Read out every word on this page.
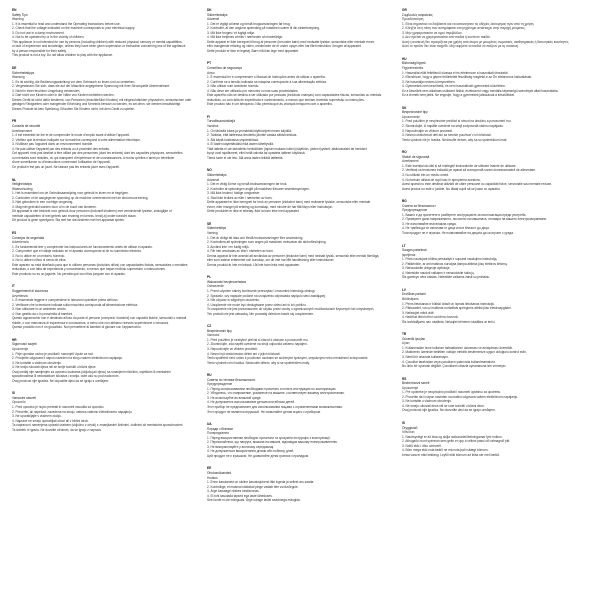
EN
Safety Tips

Warning

1. It is essential to read and understand the Operating Instructions before use.

2. Check that the voltage indicated on the machine corresponds to your electrical supply.

3. Do not use in a damp environment.

4. Not to be operated by or in the vicinity of children.

This appliance is not intended for use by persons (including children) with reduced physical, sensory or mental capabilities,

or lack of experience and knowledge, unless they have been given supervision or instruction concerning use of the appliance

by a person responsible for their safety.

This product is not a toy. Do not allow children to play with the appliance.

DE
Sicherheitstipps

Warnung

1. Es ist wichtig, die Bedienungsanleitung vor dem Gebrauch zu lesen und zu verstehen.

2. Vergewissern Sie sich, dass die auf der Maschine angegebene Spannung mit Ihrer Stromquelle übereinstimmt.

3. Nicht in einer feuchten Umgebung verwenden.

4. Darf nicht von Kindern oder in der Nähe von Kindern betrieben werden.

Dieses Gerät ist nicht dafür bestimmt, von Personen (einschließlich Kindern) mit eingeschränkten physischen, sensorischen oder

geistigen Fähigkeiten oder mangelnder Erfahrung und Kenntnis benutzt zu werden, es sei denn, sie werden beaufsichtigt.

Dieses Produkt ist kein Spielzeug. Erlauben Sie Kindern nicht, mit dem Gerät zu spielen.

FR
Conseils de sécurité

Avertissement

1. Il est essentiel de lire et de comprendre le mode d'emploi avant d'utiliser l'appareil.

2. Vérifiez que la tension indiquée sur la machine correspond à votre alimentation électrique.

3. N'utilisez pas l'appareil dans un environnement humide.

4. Ne pas utiliser l'appareil par des enfants ou à proximité des enfants.

Cet appareil n'est pas destiné à être utilisé par des personnes (dont les enfants) dont les capacités physiques, sensorielles

ou mentales sont réduites, ou qui manquent d'expérience et de connaissances, à moins qu'elles n'aient pu bénéficier

d'une surveillance ou d'instructions concernant l'utilisation de l'appareil.

Ce produit n'est pas un jouet. Ne laissez pas les enfants jouer avec l'appareil.

NL
Veiligheidstips

Waarschuwing

1. Het is essentieel om de Gebruiksaanwijzing voor gebruik te lezen en te begrijpen.

2. Controleer of de aangegeven spanning op de machine overeenkomt met de stroomvoorziening.

3. Niet gebruiken in een vochtige omgeving.

4. Mag niet gebruikt worden door of in de buurt van kinderen.

Dit apparaat is niet bedoeld voor gebruik door personen (inclusief kinderen) met verminderde fysieke, zintuiglijke of

mentale capaciteiten of met gebrek aan ervaring en kennis, tenzij zij onder toezicht staan.

Dit product is geen speelgoed. Sta niet toe dat kinderen met het apparaat spelen.

ES
Consejos de seguridad

Advertencia

1. Es fundamental leer y comprender las instrucciones de funcionamiento antes de utilizar el aparato.

2. Compruebe que el voltaje indicado en el aparato corresponde al de su suministro eléctrico.

3. No lo utilice en un entorno húmedo.

4. No lo utilicen niños ni cerca de ellos.

Este aparato no está diseñado para que lo utilicen personas (incluidos niños) con capacidades físicas, sensoriales o mentales

reducidas, o con falta de experiencia y conocimiento, a menos que hayan recibido supervisión o instrucciones.

Este producto no es un juguete. No permita que los niños jueguen con el aparato.

IT
Suggerimenti di sicurezza

Avvertenza

1. È essenziale leggere e comprendere le Istruzioni operative prima dell'uso.

2. Verificare che la tensione indicata sulla macchina corrisponda all'alimentazione elettrica.

3. Non utilizzare in un ambiente umido.

4. Non gestito da o in prossimità di bambini.

Questo apparecchio non è destinato all'uso da parte di persone (compresi i bambini) con capacità fisiche, sensoriali o mentali

ridotte, o con mancanza di esperienza e conoscenza, a meno che non abbiano ricevuto supervisione o istruzioni.

Questo prodotto non è un giocattolo. Non permettere ai bambini di giocare con l'apparecchio.

HR
Sigurnosni savjeti

Upozorenje

1. Prije uporabe važno je pročitati i razumjeti Upute za rad.

2. Provjerite odgovara li napon naveden na stroju vašem električnom napajanju.

3. Ne koristite u vlažnom okruženju.

4. Ne smiju rukovati djeca niti se smije koristiti u blizini djece.

Ovaj uređaj nije namijenjen za uporabu osobama (uključujući djecu) sa smanjenim fizičkim, osjetilnim ili mentalnim

sposobnostima ili nedostatkom iskustva i znanja, osim ako su pod nadzorom.

Ovaj proizvod nije igračka. Ne dopustite djeci da se igraju s uređajem.

SI
Varnostni nasveti

Opozorilo

1. Pred uporabo je nujno prebrati in razumeti navodila za uporabo.

2. Preverite, ali napetost, navedena na stroju, ustreza vašemu električnemu napajanju.

3. Ne uporabljajte v vlažnem okolju.

4. Naprave ne smejo uporabljati otroci ali v bližini otrok.

Ta naprava ni namenjena uporabi osebam (vključno z otroki) z zmanjšanimi fizičnimi, čutilnimi ali mentalnimi sposobnostmi.

Ta izdelek ni igrača. Ne dovolite otrokom, da se igrajo z napravo.

DK
Sikkerhedstips

Advarsel

1. Det er vigtigt at læse og forstå brugsanvisningen før brug.

2. Kontrollér, at den angivne spænding på maskinen svarer til din strømforsyning.

3. Må ikke bruges i et fugtigt miljø.

4. Må ikke betjenes af eller i nærheden af mindreårige.

Dette apparat er ikke beregnet til brug af personer (herunder børn) med nedsatte fysiske, sensoriske eller mentale evner,

eller manglende erfaring og viden, medmindre de er under opsyn eller har fået instruktion i brugen af apparatet.

Dette produkt er ikke et legetøj. Børn må ikke lege med apparatet.

PT
Conselhos de segurança

Aviso

1. É essencial ler e compreender o Manual de Instruções antes de utilizar o aparelho.

2. Confirme se a tensão indicada na máquina corresponde à sua alimentação elétrica.

3. Não utilizar num ambiente húmido.

4. Não deve ser utilizado por menores ou nas suas proximidades.

Este aparelho não se destina a ser utilizado por pessoas (incluindo crianças) com capacidades físicas, sensoriais ou mentais

reduzidas, ou com falta de experiência e conhecimento, a menos que tenham recebido supervisão ou instruções.

Este produto não é um brinquedo. Não permita que as crianças brinquem com o aparelho.

FI
Turvallisuusvinkkejä

Varoitus

1. On tärkeää lukea ja ymmärtää käyttöohjeet ennen käyttöä.

2. Tarkista, että laitteessa ilmoitettu jännite vastaa sähköverkkoa.

3. Älä käytä kosteassa ympäristössä.

4. Ei lasten käytettäväksi eikä lasten lähettyvillä.

Tätä laitetta ei ole tarkoitettu henkilöiden (lapset mukaan lukien) käyttöön, joiden fyysiset, aistinvaraiset tai henkiset

kyvyt ovat rajoittuneet, ellei heitä valvota tai opasteta laitteen käytössä.

Tämä tuote ei ole lelu. Älä anna lasten leikkiä laitteella.

NO
Sikkerhetstips

Advarsel

1. Det er viktig å lese og forstå bruksanvisningen før bruk.

2. Kontroller at spenningen angitt på maskinen tilsvarer strømforsyningen.

3. Må ikke brukes i fuktige omgivelser.

4. Skal ikke brukes av eller i nærheten av barn.

Dette apparatet er ikke beregnet for bruk av personer (inkludert barn) med reduserte fysiske, sensoriske eller mentale

evner, eller mangel på erfaring og kunnskap, med mindre de har fått tilsyn eller instruksjon.

Dette produktet er ikke et leketøy. Ikke la barn leke med apparatet.

SE
Säkerhetstips

Varning

1. Det är viktigt att läsa och förstå bruksanvisningen före användning.

2. Kontrollera att spänningen som anges på maskinen motsvarar din strömförsörjning.

3. Använd inte i en fuktig miljö.

4. Får inte användas av eller i närheten av barn.

Denna apparat är inte avsedd att användas av personer (inklusive barn) med nedsatt fysisk, sensorisk eller mental förmåga,

eller som saknar erfarenhet och kunskap, om de inte har fått handledning eller instruktioner.

Denna produkt är inte en leksak. Låt inte barn leka med apparaten.

PL
Wskazówki bezpieczeństwa

Ostrzeżenie

1. Przed użyciem należy koniecznie przeczytać i zrozumieć instrukcję obsługi.

2. Sprawdź, czy napięcie podane na urządzeniu odpowiada napięciu sieci zasilającej.

3. Nie używać w wilgotnym otoczeniu.

4. Urządzenie nie może być obsługiwane przez dzieci ani w ich pobliżu.

To urządzenie nie jest przeznaczone do użytku przez osoby o ograniczonych możliwościach fizycznych lub umysłowych.

Ten produkt nie jest zabawką. Nie pozwalaj dzieciom bawić się urządzeniem.

CZ
Bezpečnostní tipy

Varování

1. Před použitím je nezbytné přečíst si návod k obsluze a porozumět mu.

2. Zkontrolujte, zda napětí uvedené na stroji odpovídá vašemu napájení.

3. Nepoužívejte ve vlhkém prostředí.

4. Nesmí být obsluhováno dětmi ani v jejich blízkosti.

Tento spotřebič není určen k používání osobami se sníženými fyzickými, smyslovými nebo mentálními schopnostmi.

Tento výrobek není hračka. Nedovolte dětem, aby si se spotřebičem hrály.

RU
Советы по технике безопасности

Предупреждение

1. Перед использованием необходимо прочитать и понять инструкцию по эксплуатации.

2. Убедитесь, что напряжение, указанное на машине, соответствует вашему электропитанию.

3. Не используйте во влажной среде.

4. Не допускается использование детьми или вблизи детей.

Этот прибор не предназначен для использования лицами с ограниченными возможностями.

Этот продукт не является игрушкой. Не позволяйте детям играть с прибором.

UA
Поради з безпеки

Попередження

1. Перед використанням необхідно прочитати та зрозуміти інструкцію з експлуатації.

2. Переконайтеся, що напруга, вказана на машині, відповідає вашому електроживленню.

3. Не використовуйте у вологому середовищі.

4. Не допускається використання дітьми або поблизу дітей.

Цей продукт не є іграшкою. Не дозволяйте дітям гратися з приладом.

EE
Ohutusnõuanded

Hoiatus

1. Enne kasutamist on oluline kasutusjuhend läbi lugeda ja sellest aru saada.

2. Kontrollige, et masinal näidatud pinge vastab teie vooluvõrgule.

3. Ärge kasutage niiskes keskkonnas.

4. Ei tohi kasutada lapsed ega laste läheduses.

See toode ei ole mänguasi. Ärge lubage lastel seadmega mängida.

GR
Συμβουλές ασφαλείας

Προειδοποίηση

1. Είναι σημαντικό να διαβάσετε και να κατανοήσετε τις οδηγίες λειτουργίας πριν από τη χρήση.

2. Ελέγξτε ότι η τάση που αναγράφεται στο μηχάνημα αντιστοιχεί στην παροχή ρεύματος.

3. Μην χρησιμοποιείτε σε υγρό περιβάλλον.

4. Δεν πρέπει να χρησιμοποιείται από παιδιά ή κοντά σε παιδιά.

Αυτή η συσκευή δεν προορίζεται για χρήση από άτομα με μειωμένες σωματικές, αισθητηριακές ή διανοητικές ικανότητες.

Αυτό το προϊόν δεν είναι παιχνίδι. Μην αφήνετε τα παιδιά να παίζουν με τη συσκευή.

HU
Biztonsági tippek

Figyelmeztetés

1. Használat előtt feltétlenül olvassa el és értelmezze a használati útmutatót.

2. Ellenőrizze, hogy a gépen feltüntetett feszültség megfelel-e az Ön elektromos hálózatának.

3. Ne használja nedves környezetben.

4. Gyermekek nem kezelhetik, és nem használható gyermekek közelében.

Ez a készülék nem alkalmas csökkent fizikai, érzékszervi vagy mentális képességű személyek általi használatra.

Ez a termék nem játék. Ne engedje, hogy a gyermekek játsszanak a készülékkel.

SK
Bezpečnostné tipy

Upozornenie

1. Pred použitím je nevyhnutné prečítať si návod na obsluhu a porozumieť mu.

2. Skontrolujte, či napätie uvedené na stroji zodpovedá vášmu napájaniu.

3. Nepoužívajte vo vlhkom prostredí.

4. Nesmú obsluhovať deti ani sa nesmie používať v ich blízkosti.

Tento výrobok nie je hračka. Nedovoľte deťom, aby sa so spotrebičom hrali.

RO
Sfaturi de siguranță

Avertisment

1. Este esențial să citiți și să înțelegeți instrucțiunile de utilizare înainte de utilizare.

2. Verificați ca tensiunea indicată pe aparat să corespundă sursei dumneavoastră de alimentare.

3. Nu utilizați într-un mediu umed.

4. Nu trebuie utilizat de copii sau în apropierea acestora.

Acest aparat nu este destinat utilizării de către persoane cu capacități fizice, senzoriale sau mentale reduse.

Acest produs nu este o jucărie. Nu lăsați copiii să se joace cu aparatul.

BG
Съвети за безопасност

Предупреждение

1. Важно е да прочетете и разберете инструкциите за експлоатация преди употреба.

2. Проверете дали напрежението, посочено на машината, отговаря на вашето електрозахранване.

3. Не използвайте във влажна среда.

4. Не трябва да се използва от деца или в близост до деца.

Този продукт не е играчка. Не позволявайте на децата да си играят с уреда.

LT
Saugos patarimai

Įspėjimas

1. Prieš naudojant būtina perskaityti ir suprasti naudojimo instrukciją.

2. Patikrinkite, ar ant mašinos nurodyta įtampa atitinka jūsų elektros tiekimą.

3. Nenaudokite drėgnoje aplinkoje.

4. Neleiskite naudoti vaikams ir nenaudokite šalia jų.

Šis gaminys nėra žaislas. Neleiskite vaikams žaisti su prietaisu.

LV
Drošības padomi

Brīdinājums

1. Pirms lietošanas ir būtiski izlasīt un izprast lietošanas instrukciju.

2. Pārbaudiet, vai uz mašīnas norādītais spriegums atbilst jūsu elektroapgādei.

3. Nelietojiet mitrā vidē.

4. Nedrīkst lietot bērni vai bērnu tuvumā.

Šis izstrādājums nav rotaļlieta. Neļaujiet bērniem rotaļāties ar ierīci.

TR
Güvenlik ipuçları

Uyarı

1. Kullanmadan önce kullanım talimatlarının okunması ve anlaşılması önemlidir.

2. Makinenin üzerinde belirtilen voltajın elektrik beslemenize uygun olduğunu kontrol edin.

3. Nemli bir ortamda kullanmayın.

4. Çocuklar tarafından veya çocukların yakınında kullanılmamalıdır.

Bu ürün bir oyuncak değildir. Çocukların cihazla oynamasına izin vermeyin.

RS
Bezbednosni saveti

Upozorenje

1. Pre upotrebe je neophodno pročitati i razumeti uputstvo za upotrebu.

2. Proverite da li napon naveden na mašini odgovara vašem električnom napajanju.

3. Ne koristite u vlažnom okruženju.

4. Ne smeju rukovati deca niti se sme koristiti u blizini dece.

Ovaj proizvod nije igračka. Ne dozvolite deci da se igraju uređajem.

IS
Öryggisráð

Viðvörun

1. Nauðsynlegt er að lesa og skilja notkunarleiðbeiningarnar fyrir notkun.

2. Athugaðu hvort spennan sem gefin er upp á vélinni passi við rafmagnið þitt.

3. Notið ekki í röku umhverfi.

4. Börn mega ekki nota tækið né má nota það nálægt börnum.

Þessi vara er ekki leikfang. Leyfið ekki börnum að leika sér með tækið.
